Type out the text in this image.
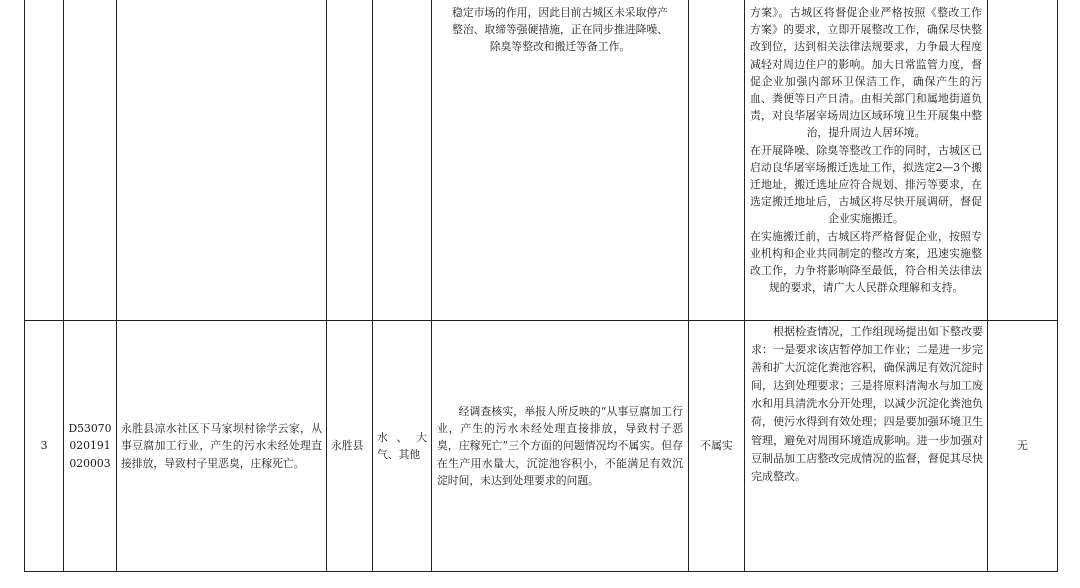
稳定市场的作用，因此目前古城区未采取停产

整治、取缔等强硬措施，正在同步推进降噪、

除臭等整改和搬迁等备工作。

方案》。古城区将督促企业严格按照《整改工作方案》的要求，立即开展整改工作，确保尽快整改到位，达到相关法律法规要求，力争最大程度减轻对周边住户的影响。加大日常监管力度，督促企业加强内部环卫保洁工作，确保产生的污血、粪便等日产日清。由相关部门和属地街道负责，对良华屠宰场周边区域环境卫生开展集中整治，提升周边人居环境。

在开展降噪、除臭等整改工作的同时，古城区已启动良华屠宰场搬迁选址工作，拟选定2—3个搬迁地址，搬迁选址应符合规划、排污等要求，在选定搬迁地址后，古城区将尽快开展调研，督促企业实施搬迁。

在实施搬迁前，古城区将严格督促企业，按照专业机构和企业共同制定的整改方案，迅速实施整改工作，力争将影响降至最低，符合相关法律法规的要求，请广大人民群众理解和支持。

3
D53070
020191
020003

永胜县凉水社区下马家坝村徐学云家，从事豆腐加工行业，产生的污水未经处理直接排放，导致村子里恶臭，庄稼死亡。

永胜县

水、大气、其他

经调查核实，举报人所反映的“从事豆腐加工行业，产生的污水未经处理直接排放，导致村子恶臭，庄稼死亡”三个方面的问题情况均不属实。但存在生产用水量大，沉淀池容积小，不能满足有效沉淀时间，未达到处理要求的问题。

不属实

根据检查情况，工作组现场提出如下整改要求：一是要求该店暂停加工作业；二是进一步完善和扩大沉淀化粪池容积，确保满足有效沉淀时间，达到处理要求；三是将原料清淘水与加工废水和用具清洗水分开处理，以减少沉淀化粪池负荷，使污水得到有效处理；四是要加强环境卫生管理，避免对周围环境造成影响。进一步加强对豆制品加工店整改完成情况的监督，督促其尽快完成整改。

无
